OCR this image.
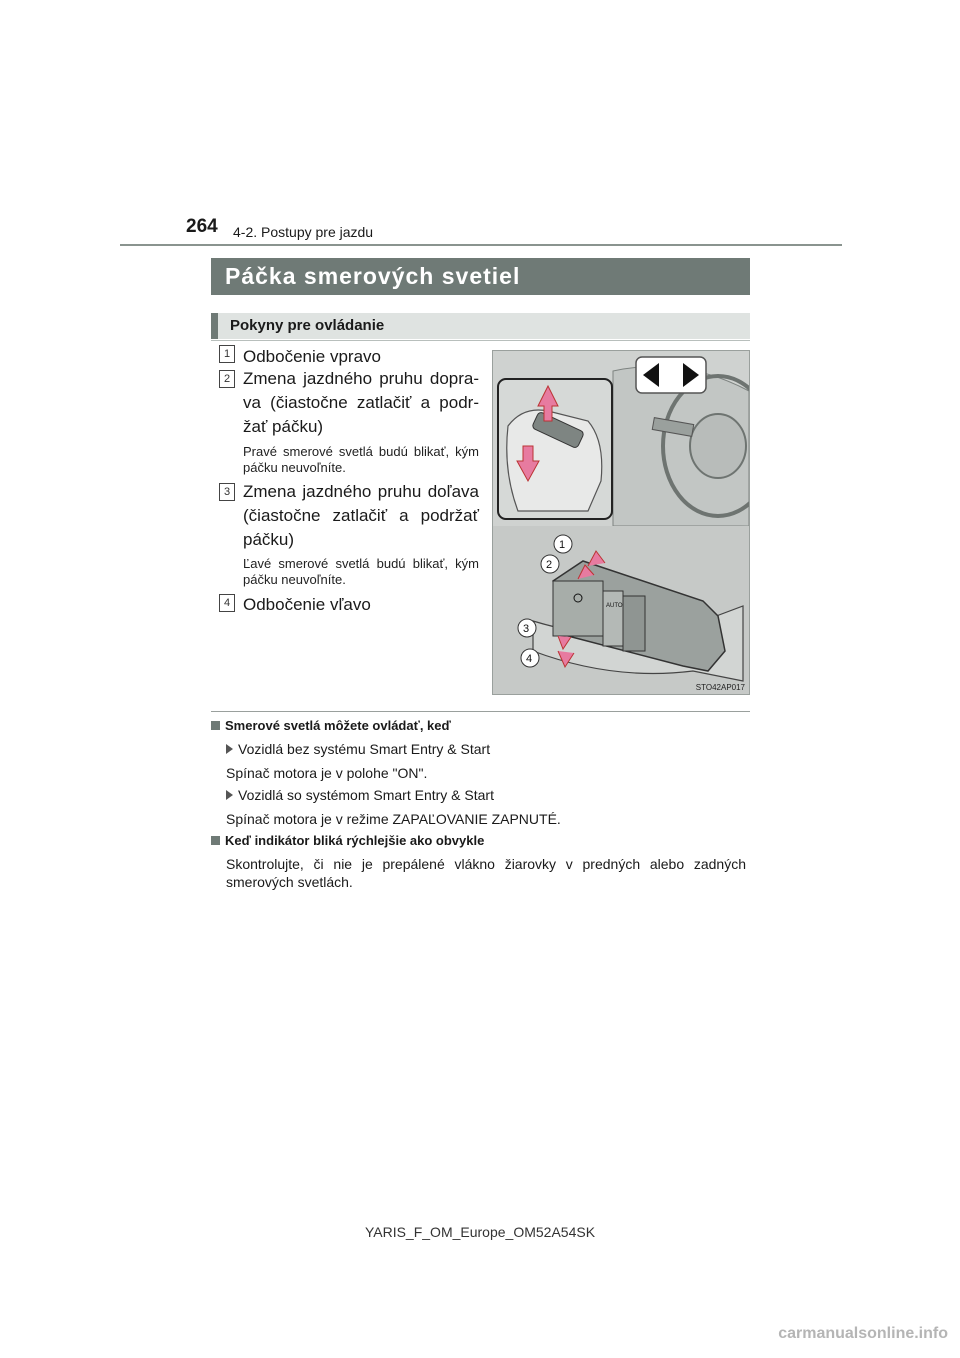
264 4-2. Postupy pre jazdu
Páčka smerových svetiel
Pokyny pre ovládanie
1 Odbočenie vpravo
2 Zmena jazdného pruhu dopra-va (čiastočne zatlačiť a podr-žať páčku)
Pravé smerové svetlá budú blikať, kým páčku neuvoľníte.
3 Zmena jazdného pruhu doľava (čiastočne zatlačiť a podržať páčku)
Ľavé smerové svetlá budú blikať, kým páčku neuvoľníte.
4 Odbočenie vľavo	AUTO
1
2
3
4
STO42AP017
Smerové svetlá môžete ovládať, keď
Vozidlá bez systému Smart Entry & Start
Spínač motora je v polohe "ON".
Vozidlá so systémom Smart Entry & Start
Spínač motora je v režime ZAPAĽOVANIE ZAPNUTÉ.
Keď indikátor bliká rýchlejšie ako obvykle
Skontrolujte, či nie je prepálené vlákno žiarovky v predných alebo zadných smerových svetlách.
YARIS_F_OM_Europe_OM52A54SK
carmanualsonline.info
